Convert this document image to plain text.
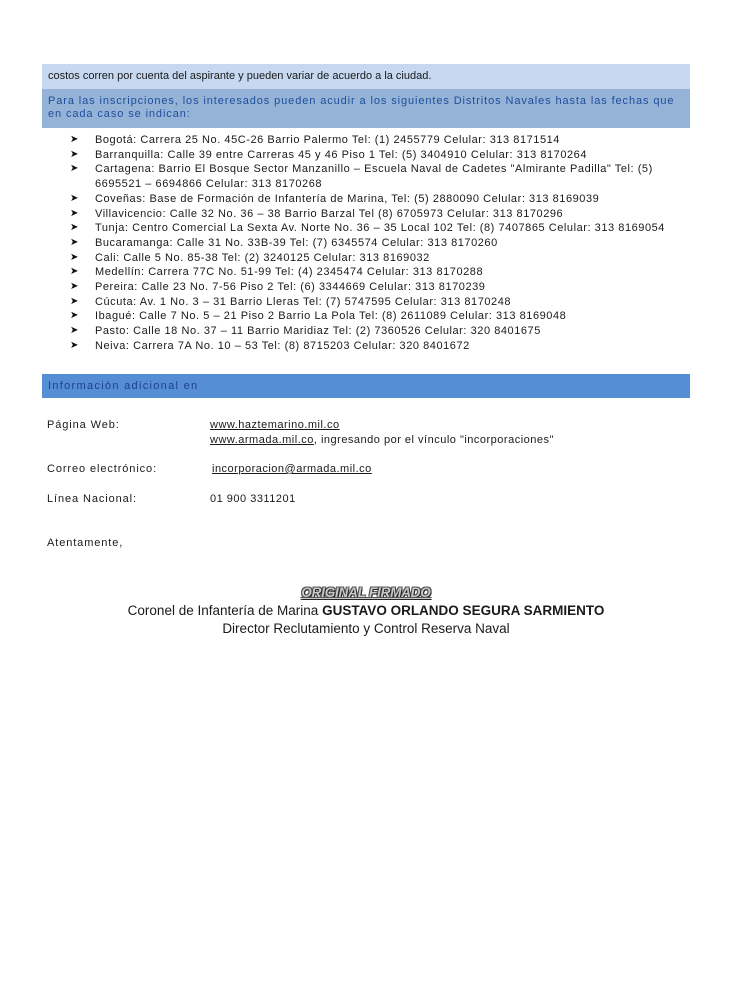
costos corren por cuenta del aspirante y pueden variar de acuerdo a la ciudad.
Para las inscripciones, los interesados pueden acudir a los siguientes Distritos Navales hasta las fechas que en cada caso se indican:
➤ Bogotá: Carrera 25 No. 45C-26 Barrio Palermo Tel: (1) 2455779 Celular: 313 8171514
➤ Barranquilla: Calle 39 entre Carreras 45 y 46 Piso 1 Tel: (5) 3404910 Celular: 313 8170264
➤ Cartagena: Barrio El Bosque Sector Manzanillo – Escuela Naval de Cadetes "Almirante Padilla" Tel: (5) 6695521 – 6694866 Celular: 313 8170268
➤ Coveñas: Base de Formación de Infantería de Marina, Tel: (5) 2880090 Celular: 313 8169039
➤ Villavicencio: Calle 32 No. 36 – 38 Barrio Barzal Tel (8) 6705973 Celular: 313 8170296
➤ Tunja: Centro Comercial La Sexta Av. Norte No. 36 – 35 Local 102 Tel: (8) 7407865 Celular: 313 8169054
➤ Bucaramanga: Calle 31 No. 33B-39 Tel: (7) 6345574 Celular: 313 8170260
➤ Cali: Calle 5 No. 85-38 Tel: (2) 3240125 Celular: 313 8169032
➤ Medellín: Carrera 77C No. 51-99 Tel: (4) 2345474 Celular: 313 8170288
➤ Pereira: Calle 23 No. 7-56 Piso 2 Tel: (6) 3344669 Celular: 313 8170239
➤ Cúcuta: Av. 1 No. 3 – 31 Barrio Lleras Tel: (7) 5747595 Celular: 313 8170248
➤ Ibagué: Calle 7 No. 5 – 21 Piso 2 Barrio La Pola Tel: (8) 2611089 Celular: 313 8169048
➤ Pasto: Calle 18 No. 37 – 11 Barrio Maridiaz Tel: (2) 7360526 Celular: 320 8401675
➤ Neiva: Carrera 7A No. 10 – 53 Tel: (8) 8715203 Celular: 320 8401672
Información adicional en
Página Web:	www.haztemarino.mil.co
www.armada.mil.co, ingresando por el vínculo "incorporaciones"
Correo electrónico:	incorporacion@armada.mil.co
Línea Nacional:	01 900 3311201
Atentamente,
ORIGINAL FIRMADO
Coronel de Infantería de Marina GUSTAVO ORLANDO SEGURA SARMIENTO
Director Reclutamiento y Control Reserva Naval
